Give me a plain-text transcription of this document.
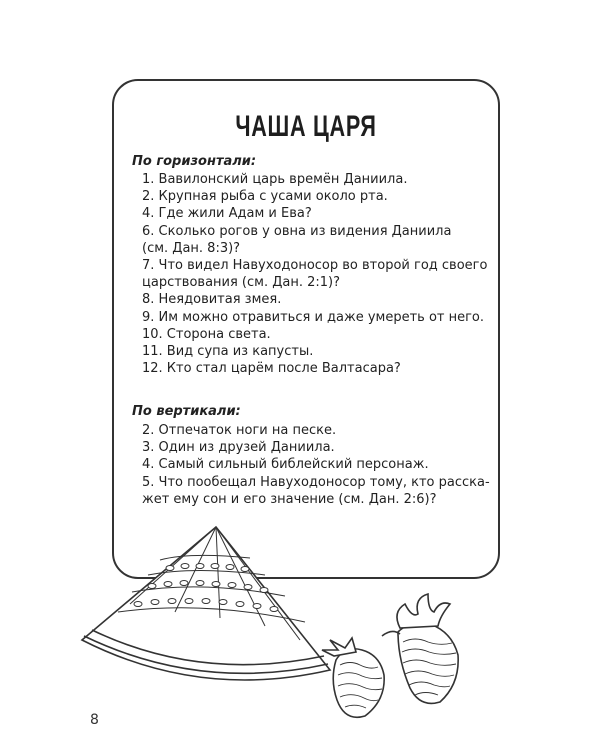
ЧАША ЦАРЯ
По горизонтали:
1. Вавилонский царь времён Даниила.
2. Крупная рыба с усами около рта.
4. Где жили Адам и Ева?
6. Сколько рогов у овна из видения Даниила
(см. Дан. 8:3)?
7. Что видел Навуходоносор во второй год своего
царствования (см. Дан. 2:1)?
8. Неядовитая змея.
9. Им можно отравиться и даже умереть от него.
10. Сторона света.
11. Вид супа из капусты.
12. Кто стал царём после Валтасара?
По вертикали:
2. Отпечаток ноги на песке.
3. Один из друзей Даниила.
4. Самый сильный библейский персонаж.
5. Что пообещал Навуходоносор тому, кто расска-
жет ему сон и его значение (см. Дан. 2:6)?
8
